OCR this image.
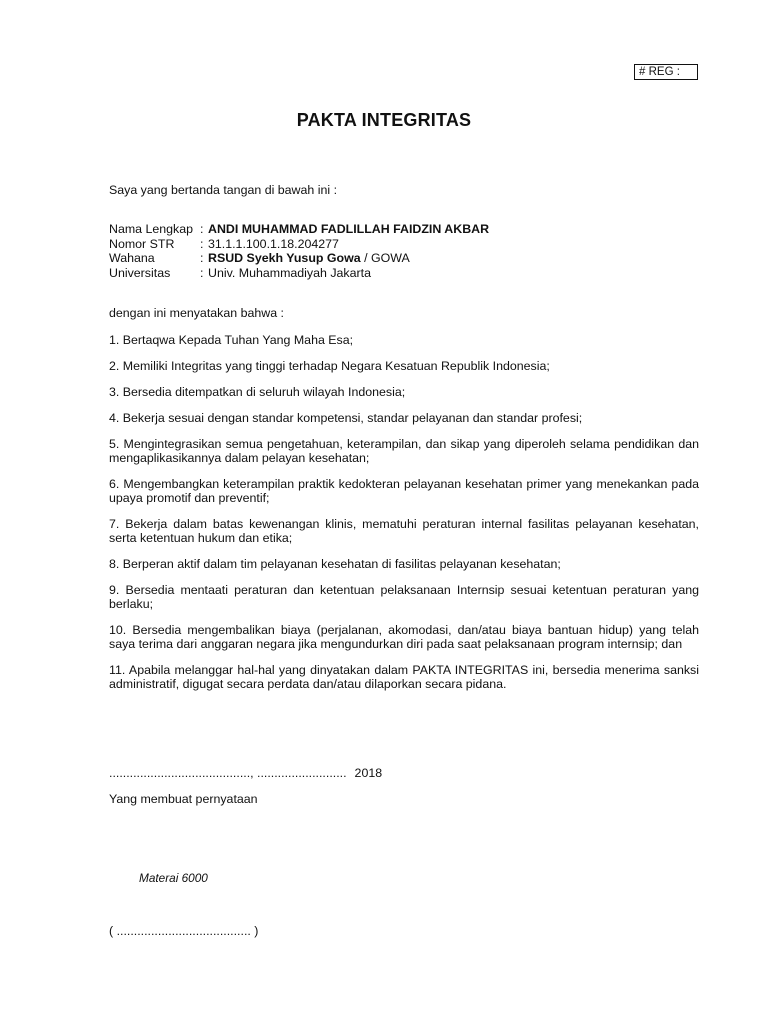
# REG :
PAKTA INTEGRITAS
Saya yang bertanda tangan di bawah ini :
Nama Lengkap : ANDI MUHAMMAD FADLILLAH FAIDZIN AKBAR
Nomor STR : 31.1.1.100.1.18.204277
Wahana	: RSUD Syekh Yusup Gowa / GOWA
Universitas : Univ. Muhammadiyah Jakarta
dengan ini menyatakan bahwa :

1. Bertaqwa Kepada Tuhan Yang Maha Esa;

2. Memiliki Integritas yang tinggi terhadap Negara Kesatuan Republik Indonesia;

3. Bersedia ditempatkan di seluruh wilayah Indonesia;

4. Bekerja sesuai dengan standar kompetensi, standar pelayanan dan standar profesi;

5. Mengintegrasikan semua pengetahuan, keterampilan, dan sikap yang diperoleh selama pendidikan dan mengaplikasikannya dalam pelayan kesehatan;

6. Mengembangkan keterampilan praktik kedokteran pelayanan kesehatan primer yang menekankan pada upaya promotif dan preventif;

7. Bekerja dalam batas kewenangan klinis, mematuhi peraturan internal fasilitas pelayanan kesehatan, serta ketentuan hukum dan etika;

8. Berperan aktif dalam tim pelayanan kesehatan di fasilitas pelayanan kesehatan;

9. Bersedia mentaati peraturan dan ketentuan pelaksanaan Internsip sesuai ketentuan peraturan yang berlaku;

10. Bersedia mengembalikan biaya (perjalanan, akomodasi, dan/atau biaya bantuan hidup) yang telah saya terima dari anggaran negara jika mengundurkan diri pada saat pelaksanaan program internsip; dan

11. Apabila melanggar hal-hal yang dinyatakan dalam PAKTA INTEGRITAS ini, bersedia menerima sanksi administratif, digugat secara perdata dan/atau dilaporkan secara pidana.

........................................., .......................... 2018
Yang membuat pernyataan
Materai 6000
( ....................................... )
